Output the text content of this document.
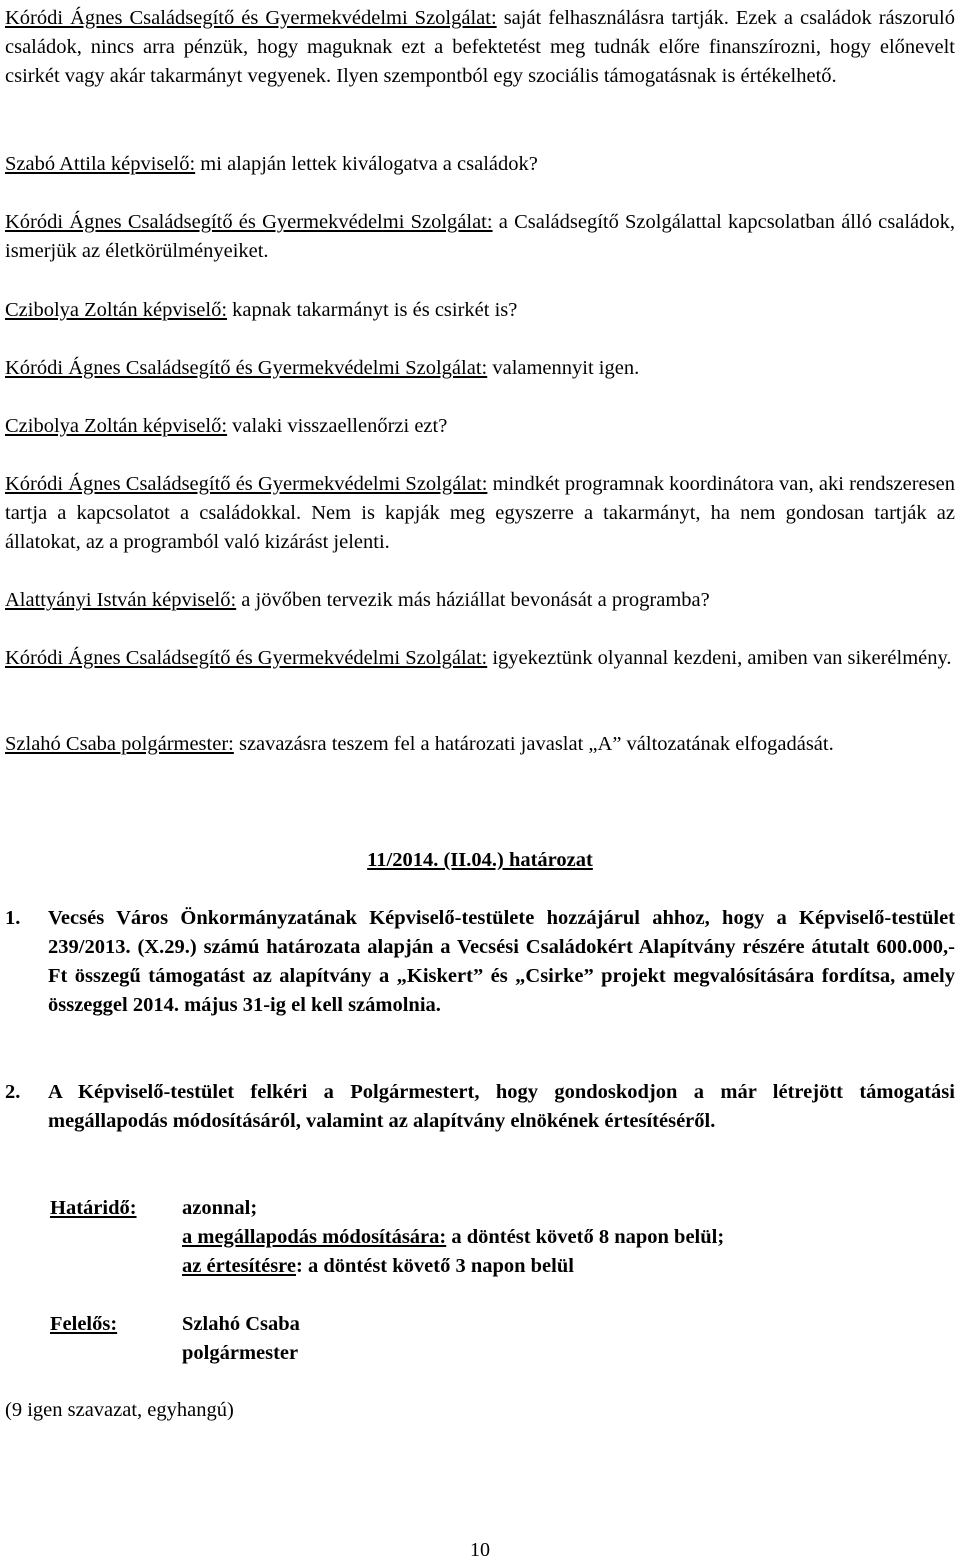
Kóródi Ágnes Családsegítő és Gyermekvédelmi Szolgálat: saját felhasználásra tartják. Ezek a családok rászoruló családok, nincs arra pénzük, hogy maguknak ezt a befektetést meg tudnák előre finanszírozni, hogy előnevelt csirkét vagy akár takarmányt vegyenek. Ilyen szempontból egy szociális támogatásnak is értékelhető.

Szabó Attila képviselő: mi alapján lettek kiválogatva a családok?

Kóródi Ágnes Családsegítő és Gyermekvédelmi Szolgálat: a Családsegítő Szolgálattal kapcsolatban álló családok, ismerjük az életkörülményeiket.

Czibolya Zoltán képviselő: kapnak takarmányt is és csirkét is?

Kóródi Ágnes Családsegítő és Gyermekvédelmi Szolgálat: valamennyit igen.

Czibolya Zoltán képviselő: valaki visszaellenőrzi ezt?

Kóródi Ágnes Családsegítő és Gyermekvédelmi Szolgálat: mindkét programnak koordinátora van, aki rendszeresen tartja a kapcsolatot a családokkal. Nem is kapják meg egyszerre a takarmányt, ha nem gondosan tartják az állatokat, az a programból való kizárást jelenti.

Alattyányi István képviselő: a jövőben tervezik más háziállat bevonását a programba?

Kóródi Ágnes Családsegítő és Gyermekvédelmi Szolgálat: igyekeztünk olyannal kezdeni, amiben van sikerélmény.

Szlahó Csaba polgármester: szavazásra teszem fel a határozati javaslat „A” változatának elfogadását.

11/2014. (II.04.) határozat
1.	Vecsés Város Önkormányzatának Képviselő-testülete hozzájárul ahhoz, hogy a Képviselő-testület 239/2013. (X.29.) számú határozata alapján a Vecsési Családokért Alapítvány részére átutalt 600.000,- Ft összegű támogatást az alapítvány a „Kiskert” és „Csirke” projekt megvalósítására fordítsa, amely összeggel 2014. május 31-ig el kell számolnia.
2.	A Képviselő-testület felkéri a Polgármestert, hogy gondoskodjon a már létrejött támogatási megállapodás módosításáról, valamint az alapítvány elnökének értesítéséről.
Határidő:	azonnal;
a megállapodás módosítására: a döntést követő 8 napon belül;
az értesítésre: a döntést követő 3 napon belül
Felelős:	Szlahó Csaba
polgármester

(9 igen szavazat, egyhangú)

10
